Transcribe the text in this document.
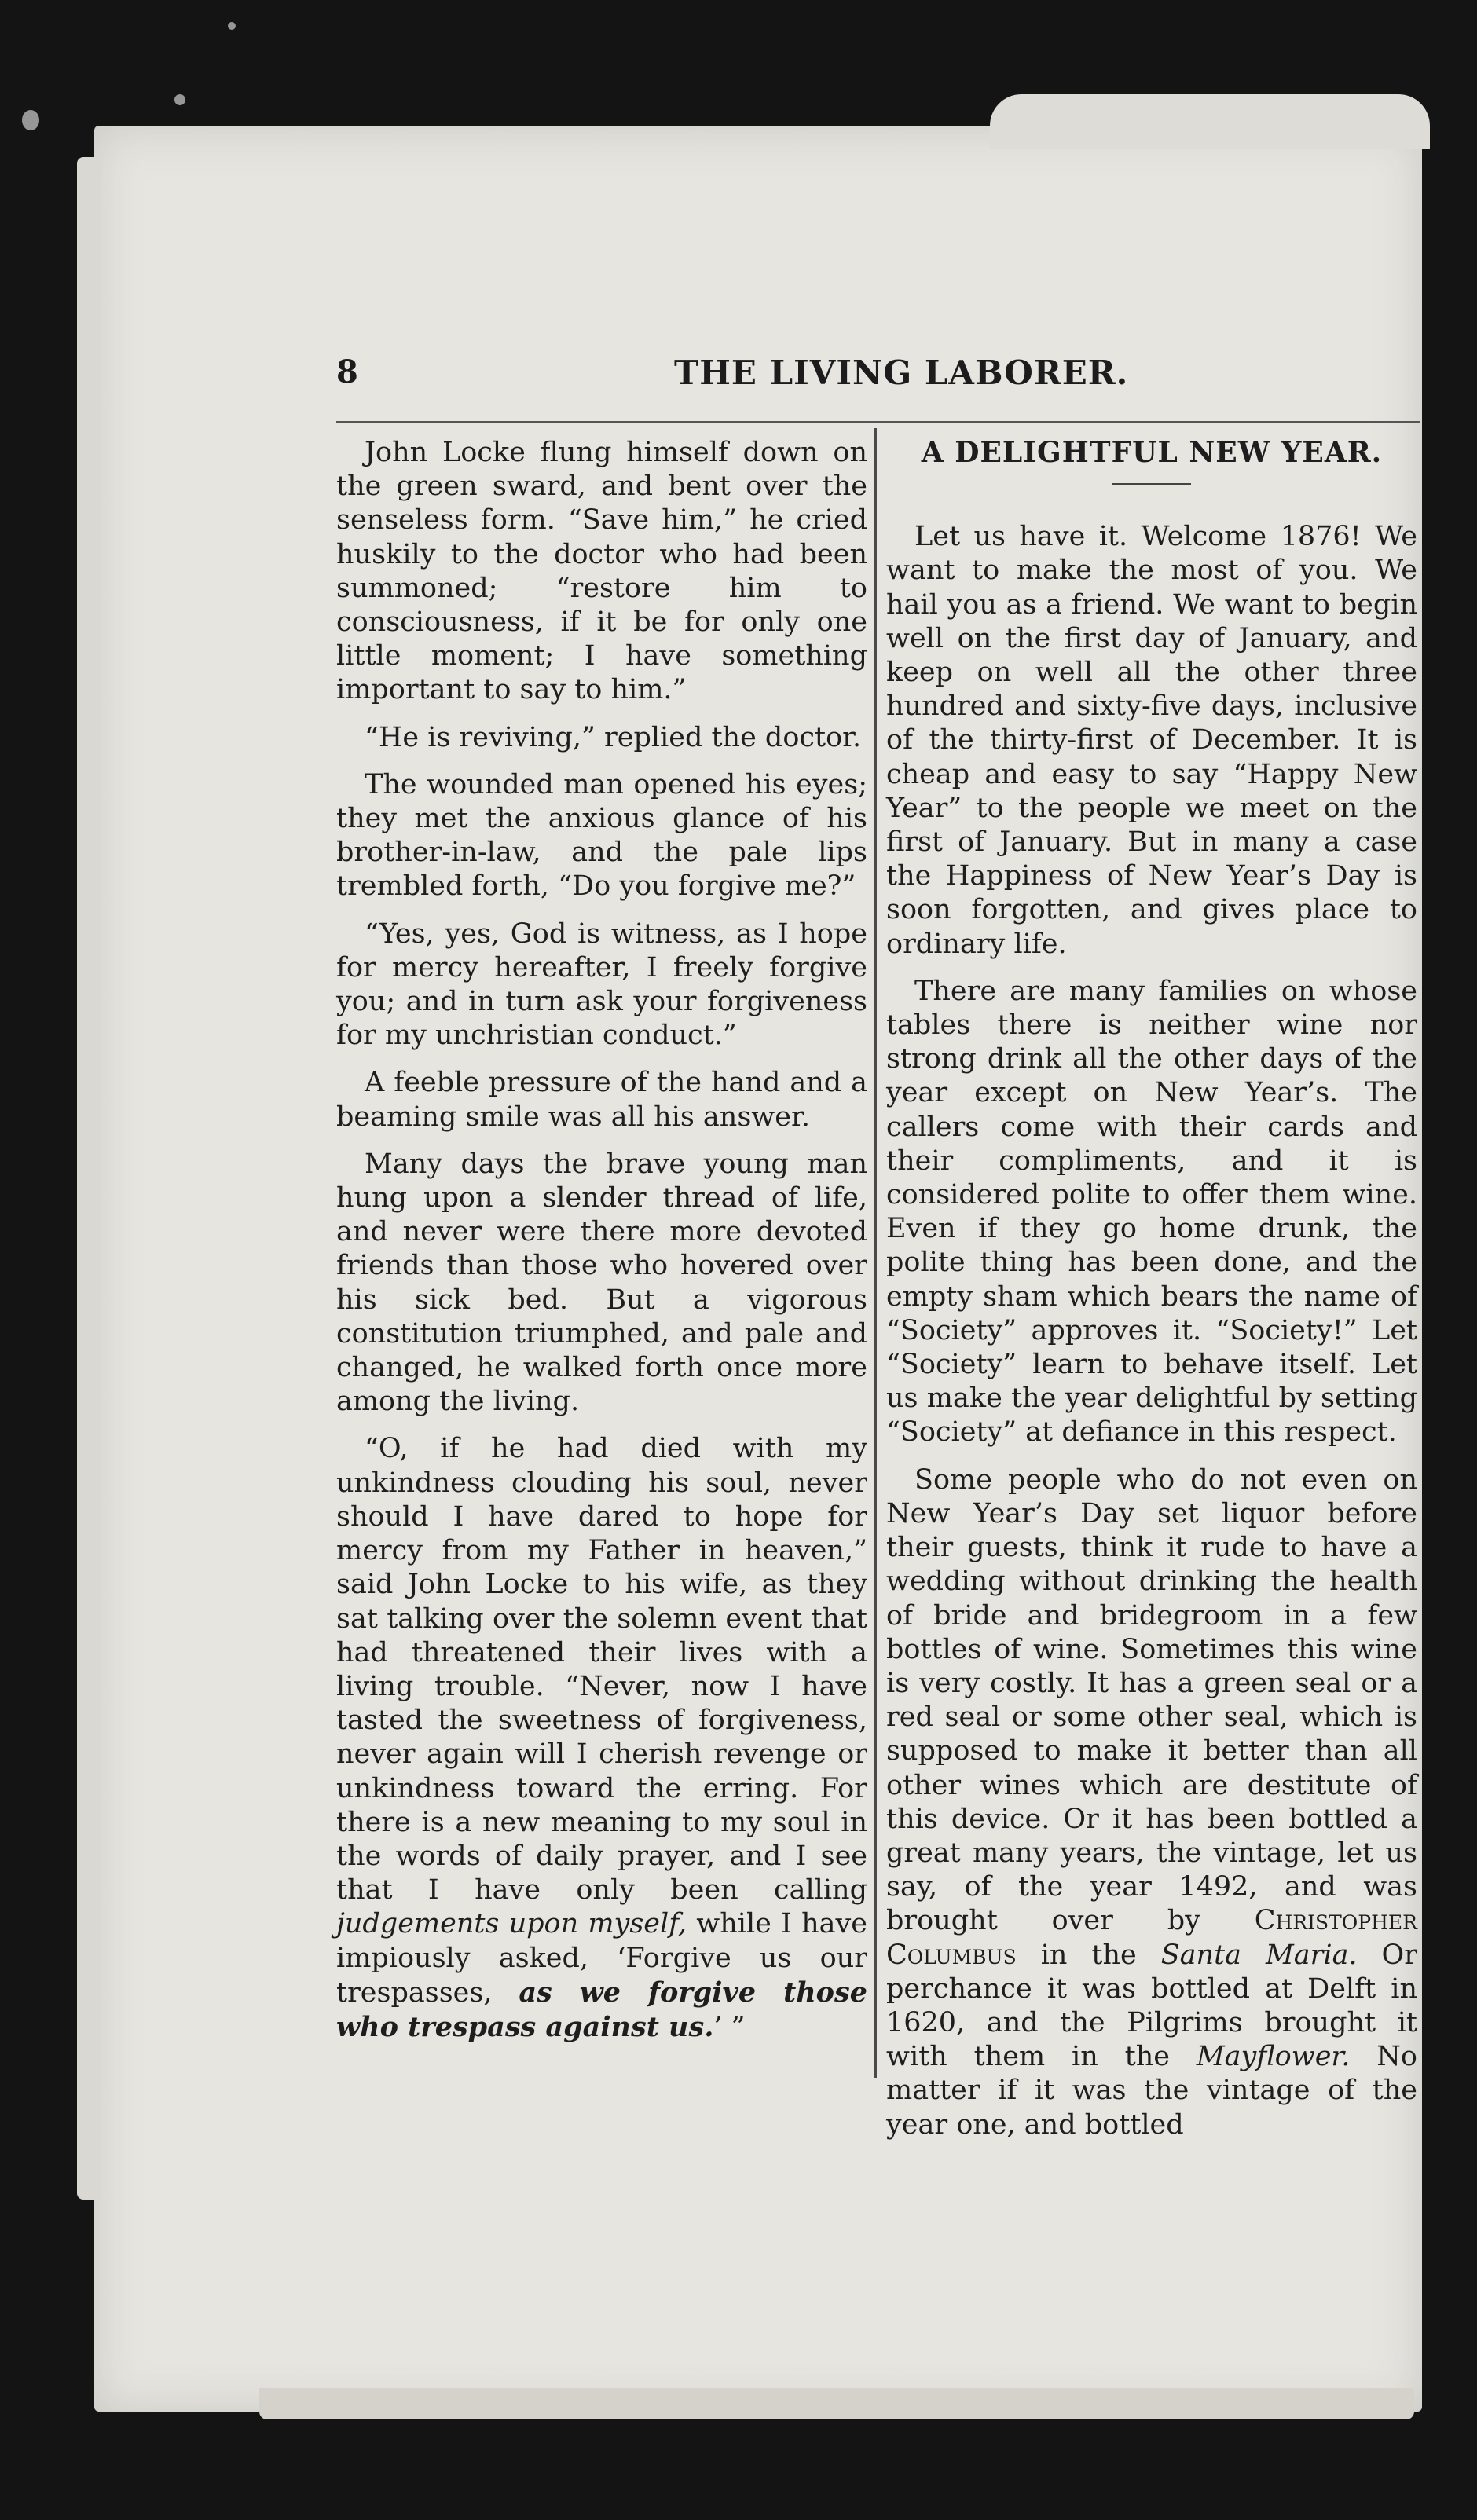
8	THE LIVING LABORER.

John Locke flung himself down on the green sward, and bent over the senseless form. “Save him,” he cried huskily to the doctor who had been summoned; “restore him to consciousness, if it be for only one little moment; I have something important to say to him.”

“He is reviving,” replied the doctor.

The wounded man opened his eyes; they met the anxious glance of his brother-in-law, and the pale lips trembled forth, “Do you forgive me?”

“Yes, yes, God is witness, as I hope for mercy hereafter, I freely forgive you; and in turn ask your forgiveness for my unchristian conduct.”

A feeble pressure of the hand and a beaming smile was all his answer.

Many days the brave young man hung upon a slender thread of life, and never were there more devoted friends than those who hovered over his sick bed. But a vigorous constitution triumphed, and pale and changed, he walked forth once more among the living.

“O, if he had died with my unkindness clouding his soul, never should I have dared to hope for mercy from my Father in heaven,” said John Locke to his wife, as they sat talking over the solemn event that had threatened their lives with a living trouble. “Never, now I have tasted the sweetness of forgiveness, never again will I cherish revenge or unkindness toward the erring. For there is a new meaning to my soul in the words of daily prayer, and I see that I have only been calling judgements upon myself, while I have impiously asked, ‘Forgive us our trespasses, as we forgive those who trespass against us.’ ”

A DELIGHTFUL NEW YEAR.

Let us have it. Welcome 1876! We want to make the most of you. We hail you as a friend. We want to begin well on the first day of January, and keep on well all the other three hundred and sixty-five days, inclusive of the thirty-first of December. It is cheap and easy to say “Happy New Year” to the people we meet on the first of January. But in many a case the Happiness of New Year’s Day is soon forgotten, and gives place to ordinary life.

There are many families on whose tables there is neither wine nor strong drink all the other days of the year except on New Year’s. The callers come with their cards and their compliments, and it is considered polite to offer them wine. Even if they go home drunk, the polite thing has been done, and the empty sham which bears the name of “Society” approves it. “Society!” Let “Society” learn to behave itself. Let us make the year delightful by setting “Society” at defiance in this respect.

Some people who do not even on New Year’s Day set liquor before their guests, think it rude to have a wedding without drinking the health of bride and bridegroom in a few bottles of wine. Sometimes this wine is very costly. It has a green seal or a red seal or some other seal, which is supposed to make it better than all other wines which are destitute of this device. Or it has been bottled a great many years, the vintage, let us say, of the year 1492, and was brought over by Christopher Columbus in the Santa Maria. Or perchance it was bottled at Delft in 1620, and the Pilgrims brought it with them in the Mayflower. No matter if it was the vintage of the year one, and bottled
